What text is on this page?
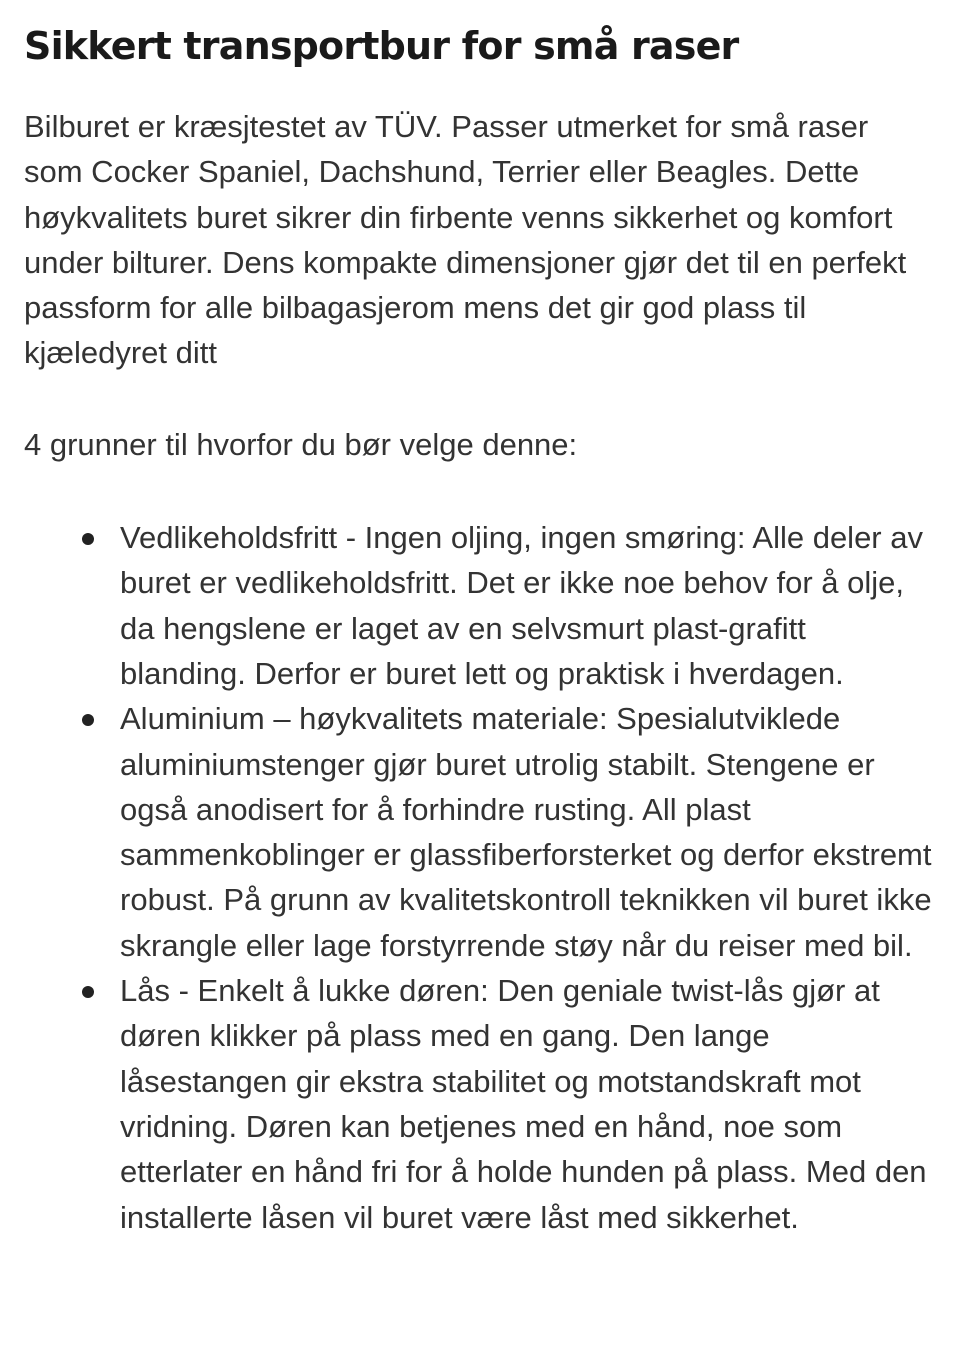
Sikkert transportbur for små raser

Bilburet er kræsjtestet av TÜV. Passer utmerket for små raser som Cocker Spaniel, Dachshund, Terrier eller Beagles. Dette høykvalitets buret sikrer din firbente venns sikkerhet og komfort under bilturer. Dens kompakte dimensjoner gjør det til en perfekt passform for alle bilbagasjerom mens det gir god plass til kjæledyret ditt

4 grunner til hvorfor du bør velge denne:

Vedlikeholdsfritt - Ingen oljing, ingen smøring: Alle deler av buret er vedlikeholdsfritt. Det er ikke noe behov for å olje, da hengslene er laget av en selvsmurt plast-grafitt blanding. Derfor er buret lett og praktisk i hverdagen.
Aluminium – høykvalitets materiale: Spesialutviklede aluminiumstenger gjør buret utrolig stabilt. Stengene er også anodisert for å forhindre rusting. All plast sammenkoblinger er glassfiberforsterket og derfor ekstremt robust. På grunn av kvalitetskontroll teknikken vil buret ikke skrangle eller lage forstyrrende støy når du reiser med bil.
Lås - Enkelt å lukke døren: Den geniale twist-lås gjør at døren klikker på plass med en gang. Den lange låsestangen gir ekstra stabilitet og motstandskraft mot vridning. Døren kan betjenes med en hånd, noe som etterlater en hånd fri for å holde hunden på plass. Med den installerte låsen vil buret være låst med sikkerhet.
